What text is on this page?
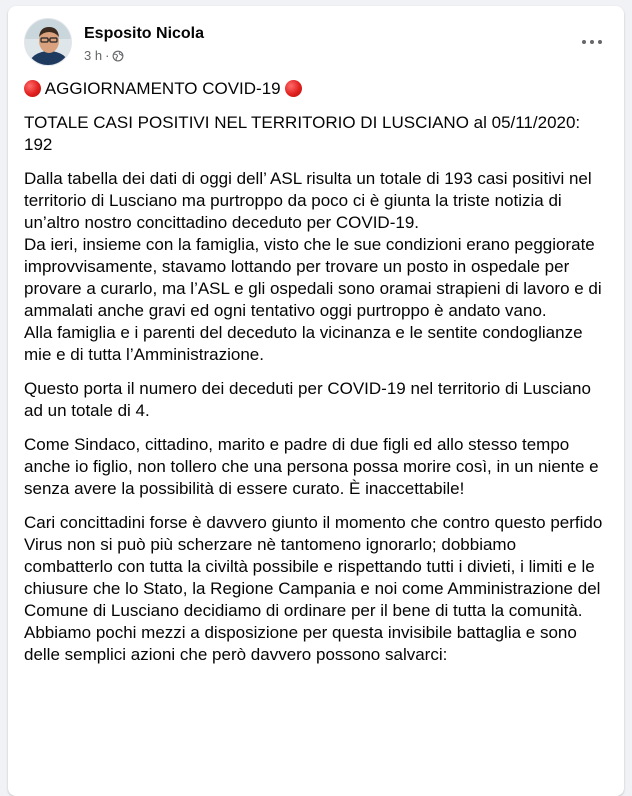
Esposito Nicola
3 h ·

AGGIORNAMENTO COVID-19

TOTALE CASI POSITIVI NEL TERRITORIO DI LUSCIANO al 05/11/2020: 192

Dalla tabella dei dati di oggi dell’ ASL risulta un totale di 193 casi positivi nel territorio di Lusciano ma purtroppo da poco ci è giunta la triste notizia di un’altro nostro concittadino deceduto per COVID-19.

Da ieri, insieme con la famiglia, visto che le sue condizioni erano peggiorate improvvisamente, stavamo lottando per trovare un posto in ospedale per provare a curarlo, ma l’ASL e gli ospedali sono oramai strapieni di lavoro e di ammalati anche gravi ed ogni tentativo oggi purtroppo è andato vano.

Alla famiglia e i parenti del deceduto la vicinanza e le sentite condoglianze mie e di tutta l’Amministrazione.

Questo porta il numero dei deceduti per COVID-19 nel territorio di Lusciano ad un totale di 4.

Come Sindaco, cittadino, marito e padre di due figli ed allo stesso tempo anche io figlio, non tollero che una persona possa morire così, in un niente e senza avere la possibilità di essere curato. È inaccettabile!

Cari concittadini forse è davvero giunto il momento che contro questo perfido Virus non si può più scherzare nè tantomeno ignorarlo; dobbiamo combatterlo con tutta la civiltà possibile e rispettando tutti i divieti, i limiti e le chiusure che lo Stato, la Regione Campania e noi come Amministrazione del Comune di Lusciano decidiamo di ordinare per il bene di tutta la comunità. Abbiamo pochi mezzi a disposizione per questa invisibile battaglia e sono delle semplici azioni che però davvero possono salvarci:
